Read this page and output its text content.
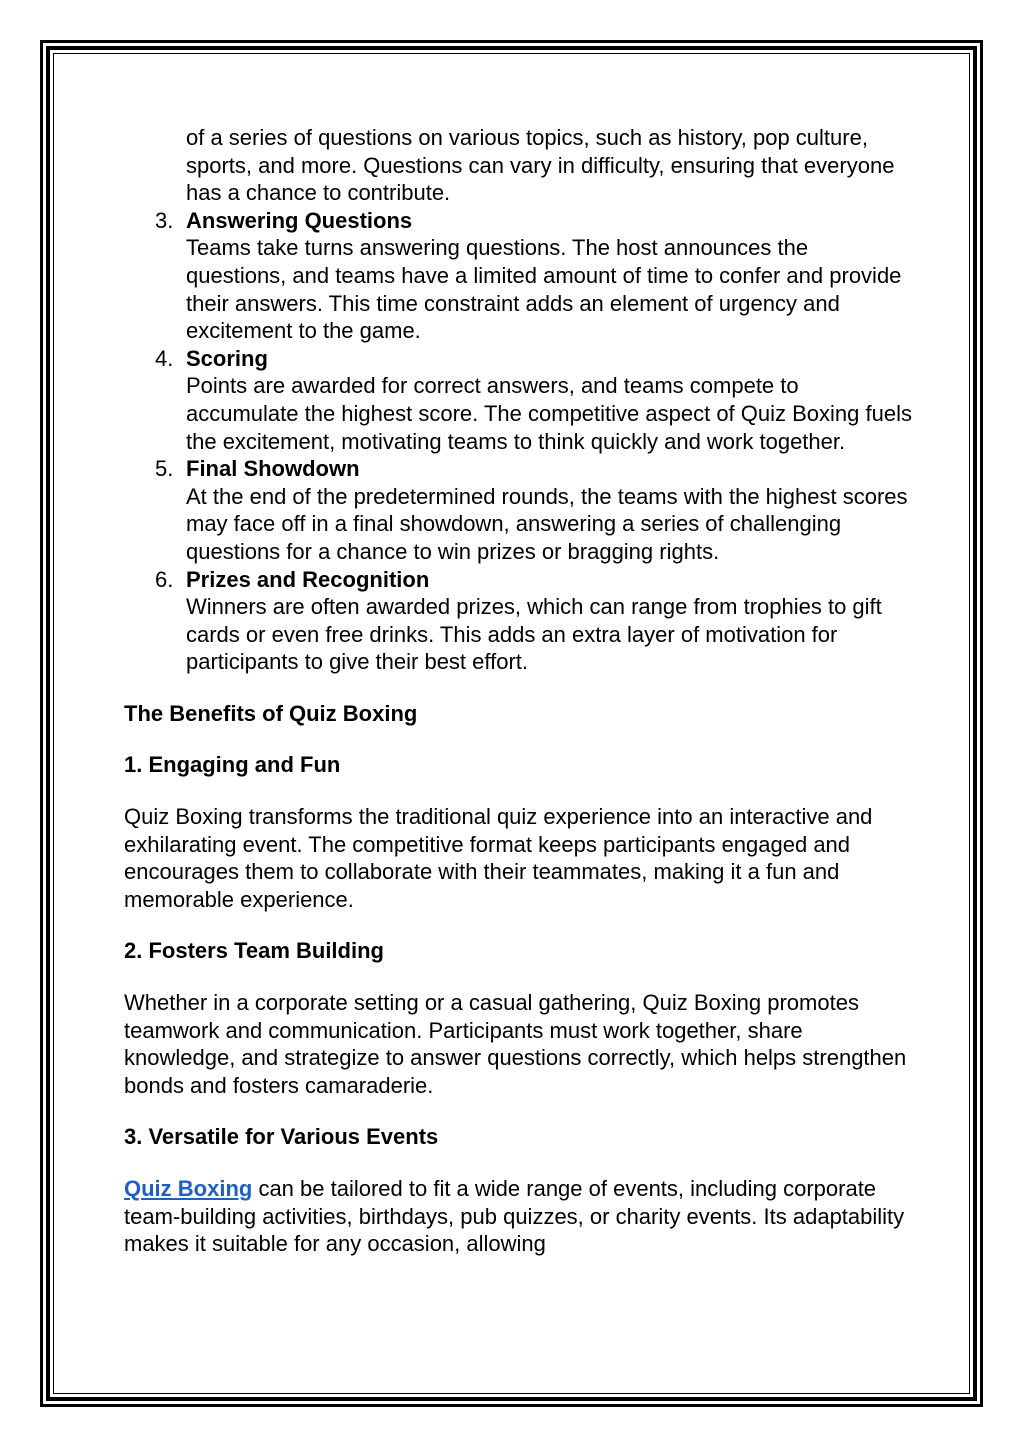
of a series of questions on various topics, such as history, pop culture, sports, and more. Questions can vary in difficulty, ensuring that everyone has a chance to contribute.
3. Answering Questions
Teams take turns answering questions. The host announces the questions, and teams have a limited amount of time to confer and provide their answers. This time constraint adds an element of urgency and excitement to the game.
4. Scoring
Points are awarded for correct answers, and teams compete to accumulate the highest score. The competitive aspect of Quiz Boxing fuels the excitement, motivating teams to think quickly and work together.
5. Final Showdown
At the end of the predetermined rounds, the teams with the highest scores may face off in a final showdown, answering a series of challenging questions for a chance to win prizes or bragging rights.
6. Prizes and Recognition
Winners are often awarded prizes, which can range from trophies to gift cards or even free drinks. This adds an extra layer of motivation for participants to give their best effort.
The Benefits of Quiz Boxing
1. Engaging and Fun

Quiz Boxing transforms the traditional quiz experience into an interactive and exhilarating event. The competitive format keeps participants engaged and encourages them to collaborate with their teammates, making it a fun and memorable experience.

2. Fosters Team Building

Whether in a corporate setting or a casual gathering, Quiz Boxing promotes teamwork and communication. Participants must work together, share knowledge, and strategize to answer questions correctly, which helps strengthen bonds and fosters camaraderie.

3. Versatile for Various Events

Quiz Boxing can be tailored to fit a wide range of events, including corporate team-building activities, birthdays, pub quizzes, or charity events. Its adaptability makes it suitable for any occasion, allowing
